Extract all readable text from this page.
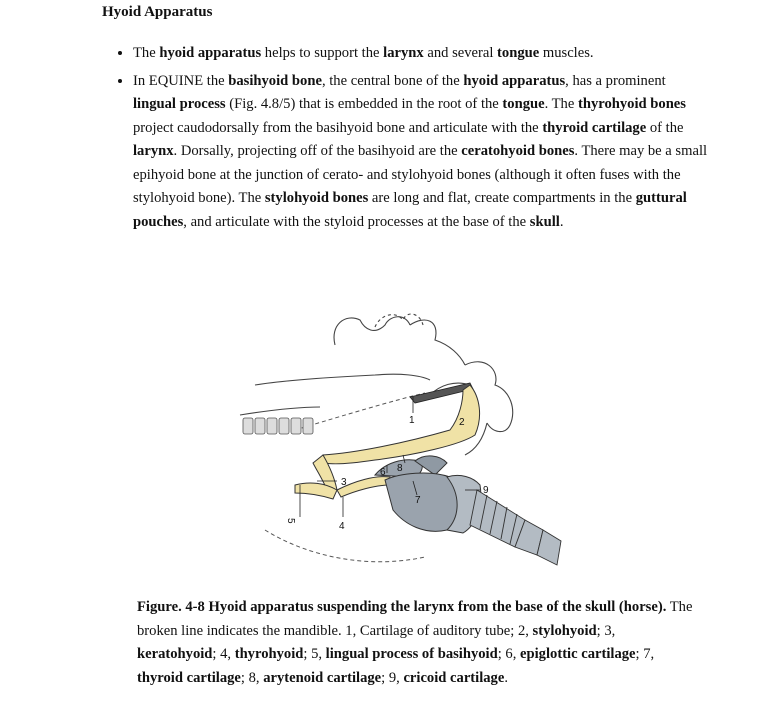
Hyoid Apparatus
• The hyoid apparatus helps to support the larynx and several tongue muscles.
• In EQUINE the basihyoid bone, the central bone of the hyoid apparatus, has a prominent lingual process (Fig. 4.8/5) that is embedded in the root of the tongue. The thyrohyoid bones project caudodorsally from the basihyoid bone and articulate with the thyroid cartilage of the larynx. Dorsally, projecting off of the basihyoid are the ceratohyoid bones. There may be a small epihyoid bone at the junction of cerato- and stylohyoid bones (although it often fuses with the stylohyoid bone). The stylohyoid bones are long and flat, create compartments in the guttural pouches, and articulate with the styloid processes at the base of the skull.
1	2
3
4
5
6
7
8
9
Figure. 4-8 Hyoid apparatus suspending the larynx from the base of the skull (horse). The broken line indicates the mandible. 1, Cartilage of auditory tube; 2, stylohyoid; 3, keratohyoid; 4, thyrohyoid; 5, lingual process of basihyoid; 6, epiglottic cartilage; 7, thyroid cartilage; 8, arytenoid cartilage; 9, cricoid cartilage.
